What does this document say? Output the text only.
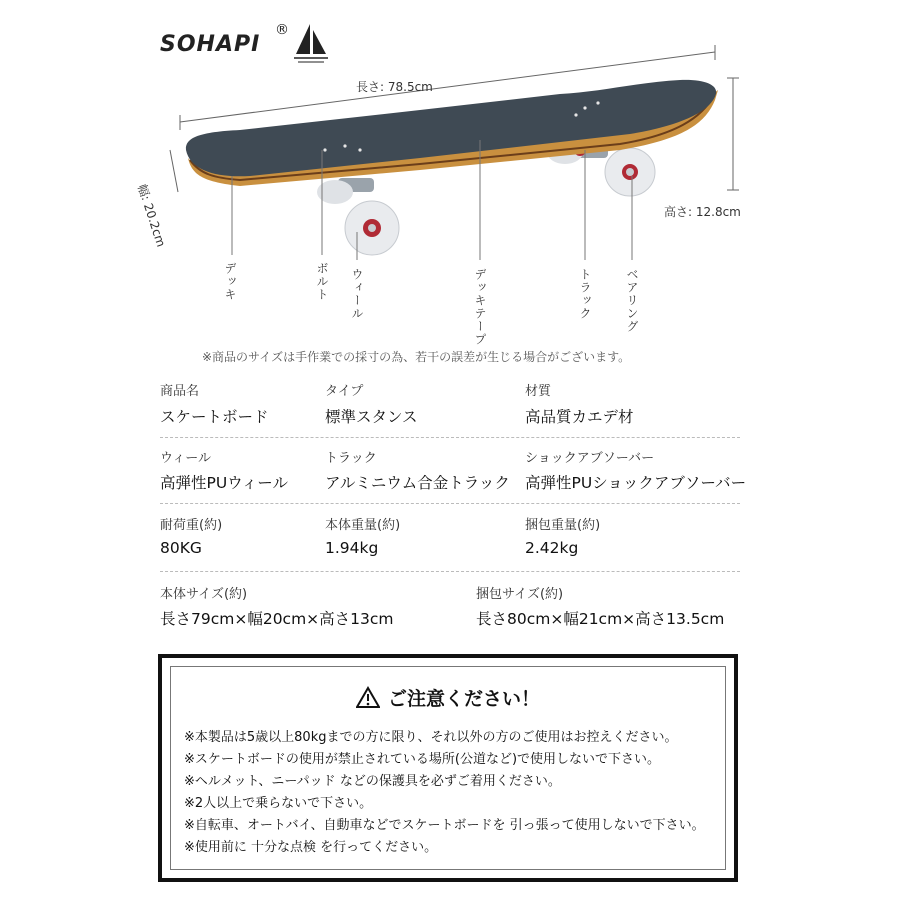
SOHAPI
®
長さ: 78.5cm
高さ: 12.8cm
幅: 20.2cm
デッキ	ボルト ウィール	デッキテープ	トラック	ベアリング
※商品のサイズは手作業での採寸の為、若干の誤差が生じる場合がございます。
商品名
スケートボード
タイプ
標準スタンス
材質
高品質カエデ材
ウィール
高弾性PUウィール
トラック
アルミニウム合金トラック
ショックアブソーバー
高弾性PUショックアブソーバー
耐荷重(約)
80KG
本体重量(約)
1.94kg
捆包重量(約)
2.42kg
本体サイズ(約)
長さ79cm×幅20cm×高さ13cm
捆包サイズ(約)
長さ80cm×幅21cm×高さ13.5cm
ご注意ください！
※本製品は5歳以上80kgまでの方に限り、それ以外の方のご使用はお控えください。
※スケートボードの使用が禁止されている場所(公道など)で使用しないで下さい。
※ヘルメット、ニーパッド などの保護具を必ずご着用ください。
※2人以上で乗らないで下さい。
※自転車、オートバイ、自動車などでスケートボードを 引っ張って使用しないで下さい。
※使用前に 十分な点検 を行ってください。
